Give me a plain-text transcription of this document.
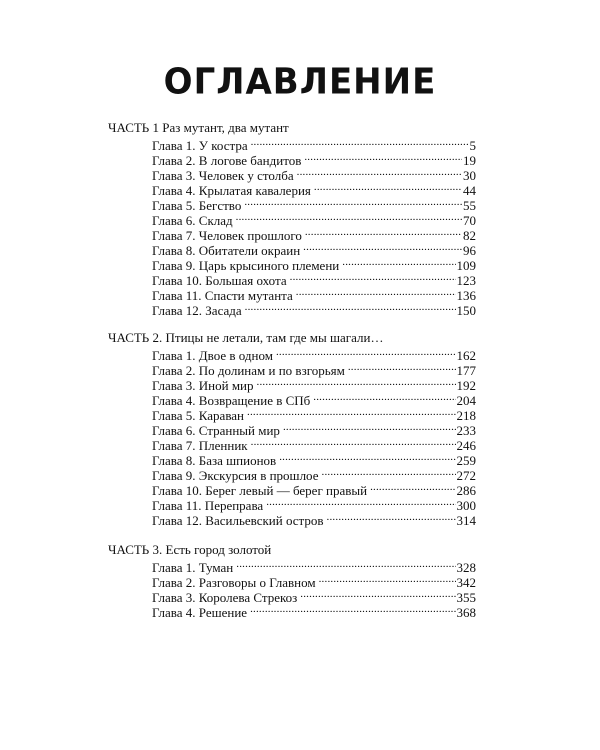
ОГЛАВЛЕНИЕ
ЧАСТЬ 1 Раз мутант, два мутант
Глава 1. У костра .....	5
Глава 2. В логове бандитов .....	19
Глава 3. Человек у столба .....	30
Глава 4. Крылатая кавалерия .....	44
Глава 5. Бегство .....	55
Глава 6. Склад .....	70
Глава 7. Человек прошлого .....	82
Глава 8. Обитатели окраин .....	96
Глава 9. Царь крысиного племени .....	109
Глава 10. Большая охота .....	123
Глава 11. Спасти мутанта .....	136
Глава 12. Засада .....	150
ЧАСТЬ 2. Птицы не летали, там где мы шагали…
Глава 1. Двое в одном .....	162
Глава 2. По долинам и по взгорьям .....	177
Глава 3. Иной мир .....	192
Глава 4. Возвращение в СПб .....	204
Глава 5. Караван .....	218
Глава 6. Странный мир .....	233
Глава 7. Пленник .....	246
Глава 8. База шпионов .....	259
Глава 9. Экскурсия в прошлое .....	272
Глава 10. Берег левый — берег правый .....	286
Глава 11. Переправа .....	300
Глава 12. Васильевский остров .....	314
ЧАСТЬ 3. Есть город золотой
Глава 1. Туман .....	328
Глава 2. Разговоры о Главном .....	342
Глава 3. Королева Стрекоз .....	355
Глава 4. Решение .....	368
